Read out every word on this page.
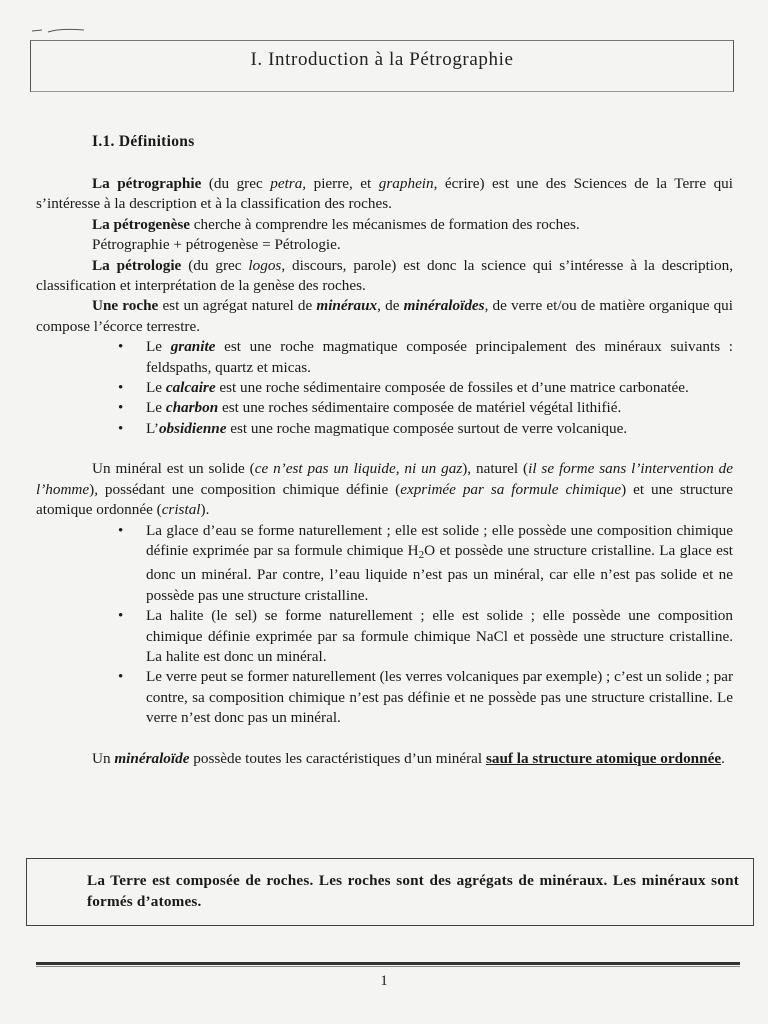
I. Introduction à la Pétrographie
I.1. Définitions

La pétrographie (du grec petra, pierre, et graphein, écrire) est une des Sciences de la Terre qui s’intéresse à la description et à la classification des roches.

La pétrogenèse cherche à comprendre les mécanismes de formation des roches.

Pétrographie + pétrogenèse = Pétrologie.

La pétrologie (du grec logos, discours, parole) est donc la science qui s’intéresse à la description, classification et interprétation de la genèse des roches.

Une roche est un agrégat naturel de minéraux, de minéraloïdes, de verre et/ou de matière organique qui compose l’écorce terrestre.

• Le granite est une roche magmatique composée principalement des minéraux suivants : feldspaths, quartz et micas.
• Le calcaire est une roche sédimentaire composée de fossiles et d’une matrice carbonatée.
• Le charbon est une roches sédimentaire composée de matériel végétal lithifié.
• L’obsidienne est une roche magmatique composée surtout de verre volcanique.

Un minéral est un solide (ce n’est pas un liquide, ni un gaz), naturel (il se forme sans l’intervention de l’homme), possédant une composition chimique définie (exprimée par sa formule chimique) et une structure atomique ordonnée (cristal).

• La glace d’eau se forme naturellement ; elle est solide ; elle possède une composition chimique définie exprimée par sa formule chimique $H_2O$ et possède une structure cristalline. La glace est donc un minéral. Par contre, l’eau liquide n’est pas un minéral, car elle n’est pas solide et ne possède pas une structure cristalline.
• La halite (le sel) se forme naturellement ; elle est solide ; elle possède une composition chimique définie exprimée par sa formule chimique NaCl et possède une structure cristalline. La halite est donc un minéral.
• Le verre peut se former naturellement (les verres volcaniques par exemple) ; c’est un solide ; par contre, sa composition chimique n’est pas définie et ne possède pas une structure cristalline. Le verre n’est donc pas un minéral.

Un minéraloïde possède toutes les caractéristiques d’un minéral sauf la structure atomique ordonnée.

La Terre est composée de roches. Les roches sont des agrégats de minéraux. Les minéraux sont formés d’atomes.

1
